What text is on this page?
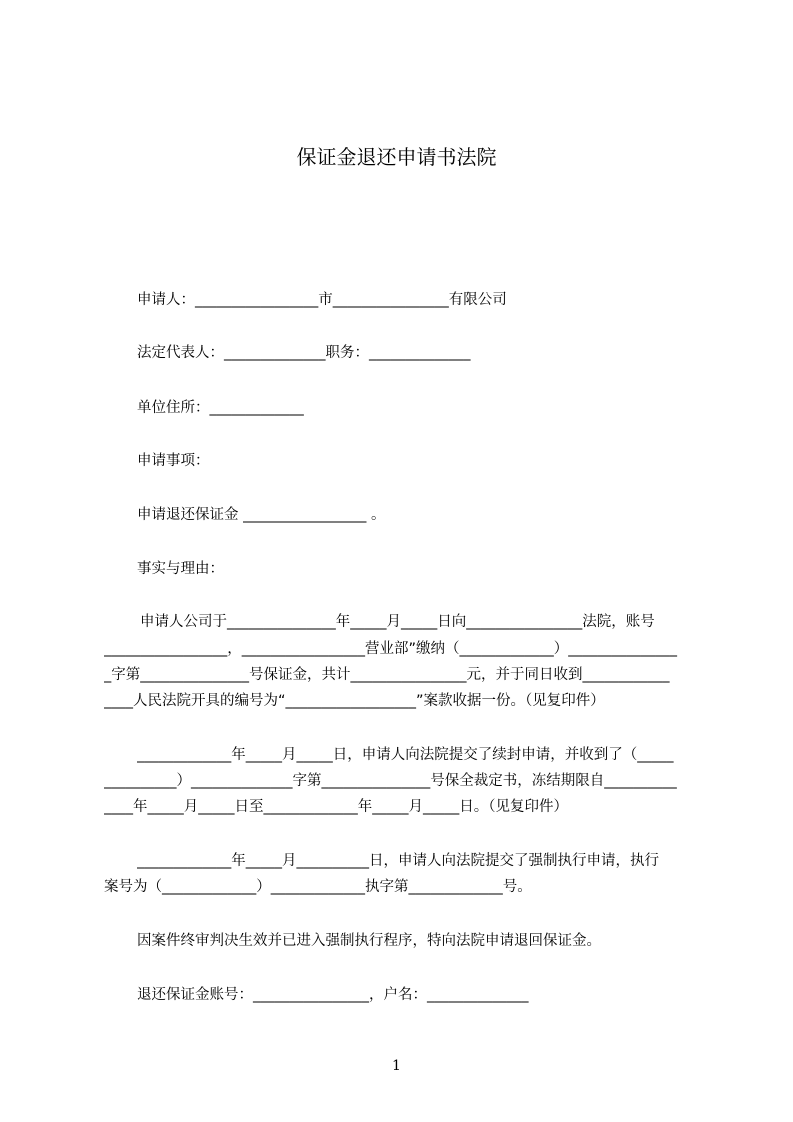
保证金退还申请书法院
申请人：_________________市________________有限公司
法定代表人：______________职务：______________
单位住所：_____________
申请事项：
申请退还保证金 _________________ 。
事实与理由：
申请人公司于_______________年_____月_____日向________________法院，账号
_________________，_________________营业部”缴纳（_____________）_______________
_字第_______________号保证金，共计________________元，并于同日收到____________
____人民法院开具的编号为“__________________”案款收据一份。（见复印件）
_____________年_____月_____日，申请人向法院提交了续封申请，并收到了（_____
__________）______________字第_______________号保全裁定书，冻结期限自__________
____年_____月_____日至_____________年_____月_____日。（见复印件）
_____________年_____月__________日，申请人向法院提交了强制执行申请，执行
案号为（_____________）_____________执字第_____________号。
因案件终审判决生效并已进入强制执行程序，特向法院申请退回保证金。
退还保证金账号：________________，户名：______________
1
